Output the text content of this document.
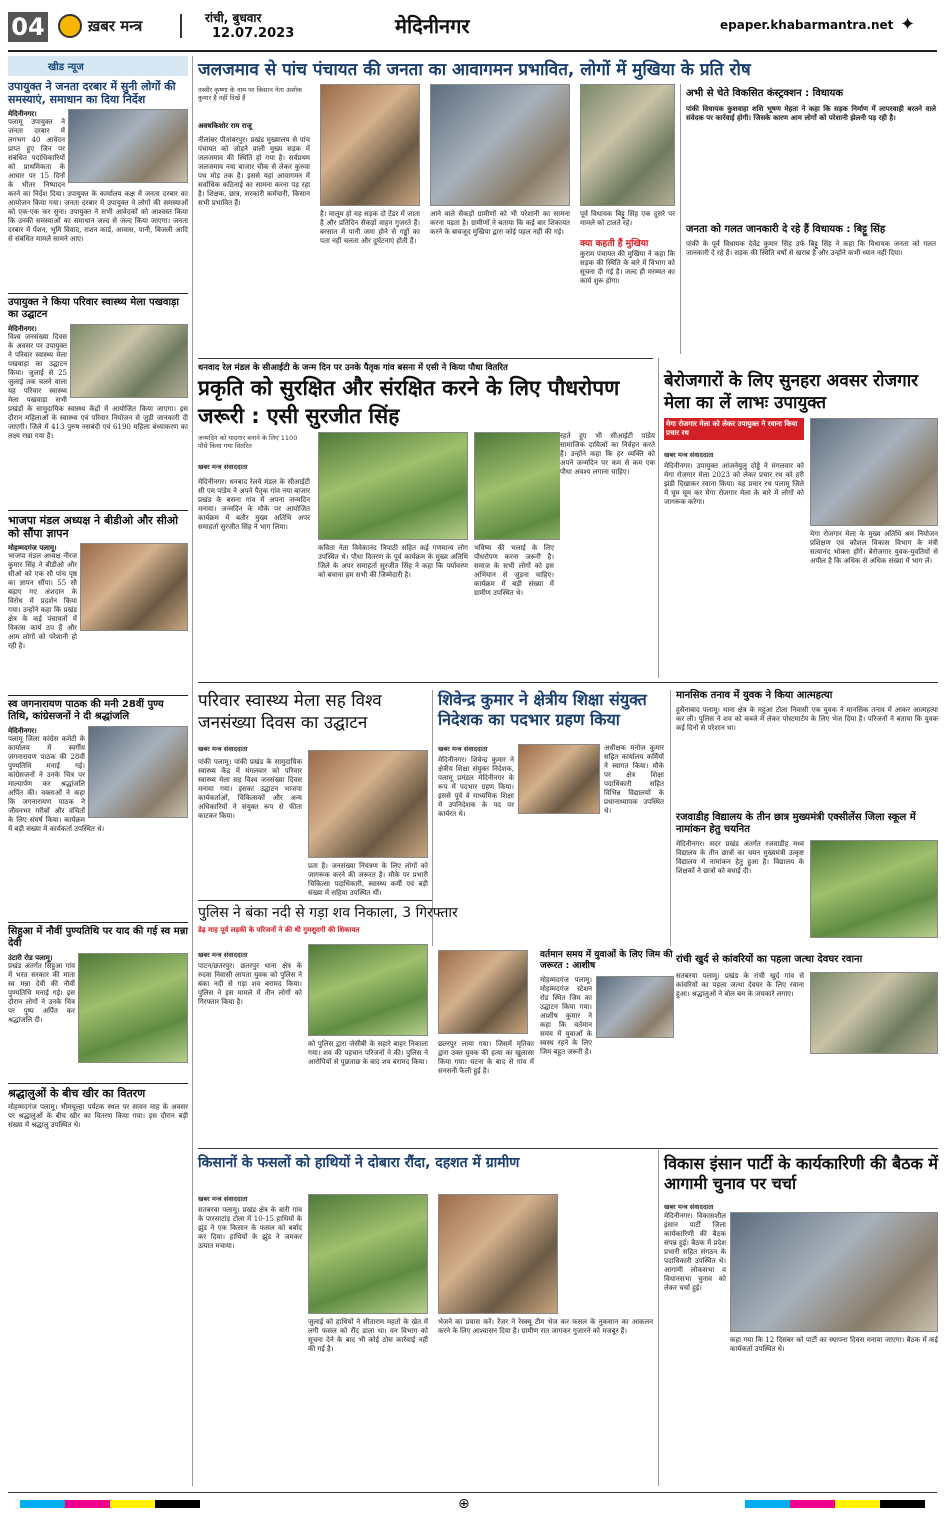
04	ख़बर मन्त्र	रांची, बुधवार
12.07.2023	मेदिनीनगर	epaper.khabarmantra.net ✦
खीड न्यूज
उपायुक्त ने जनता दरबार में सुनी लोगों की समस्याएं, समाधान का दिया निर्देश
मेदिनीनगर।
पलामू उपायुक्त ने जनता दरबार में लगभग 40 आवेदन प्राप्त हुए जिन पर संबंधित पदाधिकारियों को प्राथमिकता के आधार पर 15 दिनों के भीतर निष्पादन करने का निर्देश दिया। उपायुक्त के कार्यालय कक्ष में जनता दरबार का आयोजन किया गया। जनता दरबार में उपायुक्त ने लोगों की समस्याओं को एक-एक कर सुना। उपायुक्त ने सभी आवेदकों को आश्वस्त किया कि उनकी समस्याओं का समाधान जल्द से जल्द किया जाएगा। जनता दरबार में पेंशन, भूमि विवाद, राशन कार्ड, आवास, पानी, बिजली आदि से संबंधित मामले सामने आए।
उपायुक्त ने किया परिवार स्वास्थ्य मेला पखवाड़ा का उद्घाटन
मेदिनीनगर।
विश्व जनसंख्या दिवस के अवसर पर उपायुक्त ने परिवार स्वास्थ्य मेला पखवाड़ा का उद्घाटन किया। जुलाई से 25 जुलाई तक चलने वाला यह परिवार स्वास्थ्य मेला पखवाड़ा सभी प्रखंडों के सामुदायिक स्वास्थ्य केंद्रों में आयोजित किया जाएगा। इस दौरान महिलाओं के स्वास्थ्य एवं परिवार नियोजन से जुड़ी जानकारी दी जाएगी। जिले में 413 पुरुष नसबंदी एवं 6190 महिला बंध्याकरण का लक्ष्य रखा गया है।
भाजपा मंडल अध्यक्ष ने बीडीओ और सीओ को सौंपा ज्ञापन
मोहम्मदगंज पलामू।
भाजपा मंडल अध्यक्ष नीरज कुमार सिंह ने बीडीओ और सीओ को एक सौ पांच पृष्ठ का ज्ञापन सौंपा। 55 सौ बढ़ाए गए अंशदान के विरोध में प्रदर्शन किया गया। उन्होंने कहा कि प्रखंड क्षेत्र के कई पंचायतों में विकास कार्य ठप हैं और आम लोगों को परेशानी हो रही है।
स्व जगनारायण पाठक की मनी 28वीं पुण्य तिथि, कांग्रेसजनों ने दी श्रद्धांजलि
मेदिनीनगर।
पलामू जिला कांग्रेस कमेटी के कार्यालय में स्वर्गीय जगनारायण पाठक की 28वीं पुण्यतिथि मनाई गई। कांग्रेसजनों ने उनके चित्र पर माल्यार्पण कर श्रद्धांजलि अर्पित की। वक्ताओं ने कहा कि जगनारायण पाठक ने जीवनभर गरीबों और वंचितों के लिए संघर्ष किया। कार्यक्रम में बड़ी संख्या में कार्यकर्ता उपस्थित थे।
सिहुआ में नौवीं पुण्यतिथि पर याद की गई स्व मन्ना देवी
उंटारी रोड पलामू।
प्रखंड अंतर्गत सिहुआ गांव में भरत सरकार की माता स्व मन्ना देवी की नौवीं पुण्यतिथि मनाई गई। इस दौरान लोगों ने उनके चित्र पर पुष्प अर्पित कर श्रद्धांजलि दी।
श्रद्धालुओं के बीच खीर का वितरण
मोहम्मदगंज पलामू। भीमचूल्हा पर्यटक स्थल पर सावन माह के अवसर पर श्रद्धालुओं के बीच खीर का वितरण किया गया। इस दौरान बड़ी संख्या में श्रद्धालु उपस्थित थे।
जलजमाव से पांच पंचायत की जनता का आवागमन प्रभावित, लोगों में मुखिया के प्रति रोष
तस्वीर कृष्णा के नाम पर किसान नेता अशोक कुमार है नहीं दिखें हैं
अवधकिशोर राम राजू
नीलांबर पीतांबरपुर। प्रखंड मुख्यालय से पांच पंचायत को जोड़ने वाली मुख्य सड़क में जलजमाव की स्थिति हो गया है। सर्वप्रथम जलजमाव नया बाजार चौक से लेकर कुरुवा पथ मोड़ तक है। इससे यहां आवागमन में सर्वाधिक कठिनाई का सामना करना पड़ रहा है। शिक्षक, छात्र, सरकारी कर्मचारी, किसान सभी प्रभावित हैं।
है। मालूम हो यह सड़क दो टेंडर में जाता है और प्रतिदिन सैकड़ों वाहन गुजरते हैं। बरसात में पानी जमा होने से गड्ढों का पता नहीं चलता और दुर्घटनाएं होती हैं।
आने वाले सैकड़ों ग्रामीणों को भी परेशानी का सामना करना पड़ता है। ग्रामीणों ने बताया कि कई बार शिकायत करने के बावजूद मुखिया द्वारा कोई पहल नहीं की गई।
पूर्व विधायक बिट्टू सिंह एक दूसरे पर मामले को टालते रहे।
क्या कहती हैं मुखिया
कुराम पंचायत की मुखिया ने कहा कि सड़क की स्थिति के बारे में विभाग को सूचना दी गई है। जल्द ही मरम्मत का कार्य शुरू होगा।
अभी से चेते विकसित कंस्ट्रक्शन : विधायक
पांकी विधायक कुशवाहा शशि भूषण मेहता ने कहा कि सड़क निर्माण में लापरवाही बरतने वाले संवेदक पर कार्रवाई होगी। जिसके कारण आम लोगों को परेशानी झेलनी पड़ रही है।
जनता को गलत जानकारी दे रहे हैं विधायक : बिट्टू सिंह
पांकी के पूर्व विधायक देवेंद्र कुमार सिंह उर्फ बिट्टू सिंह ने कहा कि विधायक जनता को गलत जानकारी दे रहे हैं। सड़क की स्थिति वर्षों से खराब है और उन्होंने कभी ध्यान नहीं दिया।
धनवाद रेल मंडल के सीआईटी के जन्म दिन पर उनके पैतृक गांव बसना में एसी ने किया पौधा वितरित
प्रकृति को सुरक्षित और संरक्षित करने के लिए पौधरोपण जरूरी : एसी सुरजीत सिंह
जन्मदिन को यादगार बनाने के लिए 1100 पौधे किया गया वितरित
खबर मन्त्र संवाददाता
मेदिनीनगर। धनबाद रेलवे मंडल के सीआईटी सी एम पांडेय ने अपने पैतृक गांव नया बाजार प्रखंड के बसना गांव में अपना जन्मदिन मनाया। जन्मदिन के मौके पर आयोजित कार्यक्रम में बतौर मुख्य अतिथि अपर समाहर्ता सुरजीत सिंह ने भाग लिया।
कविता नेता विवेकानंद त्रिपाठी सहित कई गणमान्य लोग उपस्थित थे। पौधा वितरण के पूर्व कार्यक्रम के मुख्य अतिथि जिले के अपर समाहर्ता सुरजीत सिंह ने कहा कि पर्यावरण को बचाना हम सभी की जिम्मेदारी है।
भविष्य की भलाई के लिए पौधरोपण करना जरूरी है। समाज के सभी लोगों को इस अभियान से जुड़ना चाहिए। कार्यक्रम में बड़ी संख्या में ग्रामीण उपस्थित थे।
रहते हुए भी सीआईटी पांडेय सामाजिक दायित्वों का निर्वहन करते हैं। उन्होंने कहा कि हर व्यक्ति को अपने जन्मदिन पर कम से कम एक पौधा अवश्य लगाना चाहिए।
बेरोजगारों के लिए सुनहरा अवसर रोजगार मेला का लें लाभः उपायुक्त
मेगा रोजगार मेला को लेकर उपायुक्त ने रवाना किया प्रचार रथ
खबर मन्त्र संवाददाता
मेदिनीनगर। उपायुक्त आंजनेयुलु दोड्डे ने मंगलवार को मेगा रोजगार मेला 2023 को लेकर प्रचार रथ को हरी झंडी दिखाकर रवाना किया। यह प्रचार रथ पलामू जिले में घूम घूम कर मेगा रोजगार मेला के बारे में लोगों को जागरूक करेगा।
मेगा रोजगार मेला के मुख्य अतिथि श्रम नियोजन प्रशिक्षण एवं कौशल विकास विभाग के मंत्री सत्यानंद भोक्ता होंगे। बेरोजगार युवक-युवतियों से अपील है कि अधिक से अधिक संख्या में भाग लें।
परिवार स्वास्थ्य मेला सह विश्व जनसंख्या दिवस का उद्घाटन
खबर मन्त्र संवाददाता
पांकी पलामू। पांकी प्रखंड के सामुदायिक स्वास्थ्य केंद्र में मंगलवार को परिवार स्वास्थ्य मेला सह विश्व जनसंख्या दिवस मनाया गया। इसका उद्घाटन भाजपा कार्यकर्ताओं, चिकित्सकों और अन्य अधिकारियों ने संयुक्त रूप से फीता काटकर किया।
प्रता है। जनसंख्या नियंत्रण के लिए लोगों को जागरूक करने की जरूरत है। मौके पर प्रभारी चिकित्सा पदाधिकारी, स्वास्थ्य कर्मी एवं बड़ी संख्या में सहिया उपस्थित थीं।
शिवेन्द्र कुमार ने क्षेत्रीय शिक्षा संयुक्त निदेशक का पदभार ग्रहण किया
खबर मन्त्र संवाददाता
मेदिनीनगर। शिवेन्द्र कुमार ने क्षेत्रीय शिक्षा संयुक्त निदेशक, पलामू प्रमंडल मेदिनीनगर के रूप में पदभार ग्रहण किया। इससे पूर्व वे माध्यमिक शिक्षा में उपनिदेशक के पद पर कार्यरत थे।
अधीक्षक मनोज कुमार सहित कार्यालय कर्मियों ने स्वागत किया। मौके पर क्षेत्र शिक्षा पदाधिकारी सहित विभिन्न विद्यालयों के प्रधानाध्यापक उपस्थित थे।
मानसिक तनाव में युवक ने किया आत्महत्या
हुसैनाबाद पलामू। थाना क्षेत्र के महुआ टोला निवासी एक युवक ने मानसिक तनाव में आकर आत्महत्या कर ली। पुलिस ने शव को कब्जे में लेकर पोस्टमार्टम के लिए भेज दिया है। परिजनों ने बताया कि युवक कई दिनों से परेशान था।
रजवाडीह विद्यालय के तीन छात्र मुख्यमंत्री एक्सीलेंस जिला स्कूल में नामांकन हेतु चयनित
मेदिनीनगर। सदर प्रखंड अंतर्गत रजवाडीह मध्य विद्यालय के तीन छात्रों का चयन मुख्यमंत्री उत्कृष्ट विद्यालय में नामांकन हेतु हुआ है। विद्यालय के शिक्षकों ने छात्रों को बधाई दी।
पुलिस ने बंका नदी से गड़ा शव निकाला, 3 गिरफ्तार
डेढ़ माह पूर्व लड़की के परिजनों ने की थी गुमशुदगी की शिकायत
खबर मन्त्र संवाददाता
पाटन/छतरपुर। छतरपुर थाना क्षेत्र के रुदवा निवासी लापता युवक को पुलिस ने बंका नदी से गड़ा शव बरामद किया। पुलिस ने इस मामले में तीन लोगों को गिरफ्तार किया है।
को पुलिस द्वारा जेसीबी के सहारे बाहर निकाला गया। शव की पहचान परिजनों ने की। पुलिस ने आरोपियों से पूछताछ के बाद शव बरामद किया।
छतरपुर लाया गया। जिसमें मृतिका द्वारा उक्त युवक की हत्या का खुलासा किया गया। घटना के बाद से गांव में सनसनी फैली हुई है।
वर्तमान समय में युवाओं के लिए जिम की जरूरत : आशीष
मोहम्मदगंज पलामू। मोहम्मदगंज स्टेशन रोड स्थित जिम का उद्घाटन किया गया। आशीष कुमार ने कहा कि वर्तमान समय में युवाओं के स्वस्थ रहने के लिए जिम बहुत जरूरी है।
रांची खुर्द से कांवरियों का पहला जत्था देवघर रवाना
सतबरवा पलामू। प्रखंड के रांची खुर्द गांव से कांवरियों का पहला जत्था देवघर के लिए रवाना हुआ। श्रद्धालुओं ने बोल बम के जयकारे लगाए।
किसानों के फसलों को हाथियों ने दोबारा रौंदा, दहशत में ग्रामीण
खबर मन्त्र संवाददाता
सतबरवा पलामू। प्रखंड क्षेत्र के बारी गांव के पारसाटांड़ टोला में 10-15 हाथियों के झुंड ने एक किसान के फसल को बर्बाद कर दिया। हाथियों के झुंड ने जमकर उत्पात मचाया।
जुलाई को हाथियों ने सीताराम महतो के खेत में लगी फसल को रौंद डाला था। वन विभाग को सूचना देने के बाद भी कोई ठोस कार्रवाई नहीं की गई है।
भेजने का प्रयास करें। रेंजर ने रेस्क्यू टीम भेज कर फसल के नुकसान का आकलन करने के लिए आश्वासन दिया है। ग्रामीण रात जागकर गुजारने को मजबूर हैं।
विकास इंसान पार्टी के कार्यकारिणी की बैठक में आगामी चुनाव पर चर्चा
खबर मन्त्र संवाददाता
मेदिनीनगर। विकासशील इंसान पार्टी जिला कार्यकारिणी की बैठक संपन्न हुई। बैठक में प्रदेश प्रभारी सहित संगठन के पदाधिकारी उपस्थित थे। आगामी लोकसभा व विधानसभा चुनाव को लेकर चर्चा हुई।
कहा गया कि 12 दिसंबर को पार्टी का स्थापना दिवस मनाया जाएगा। बैठक में कई कार्यकर्ता उपस्थित थे।
⊕
